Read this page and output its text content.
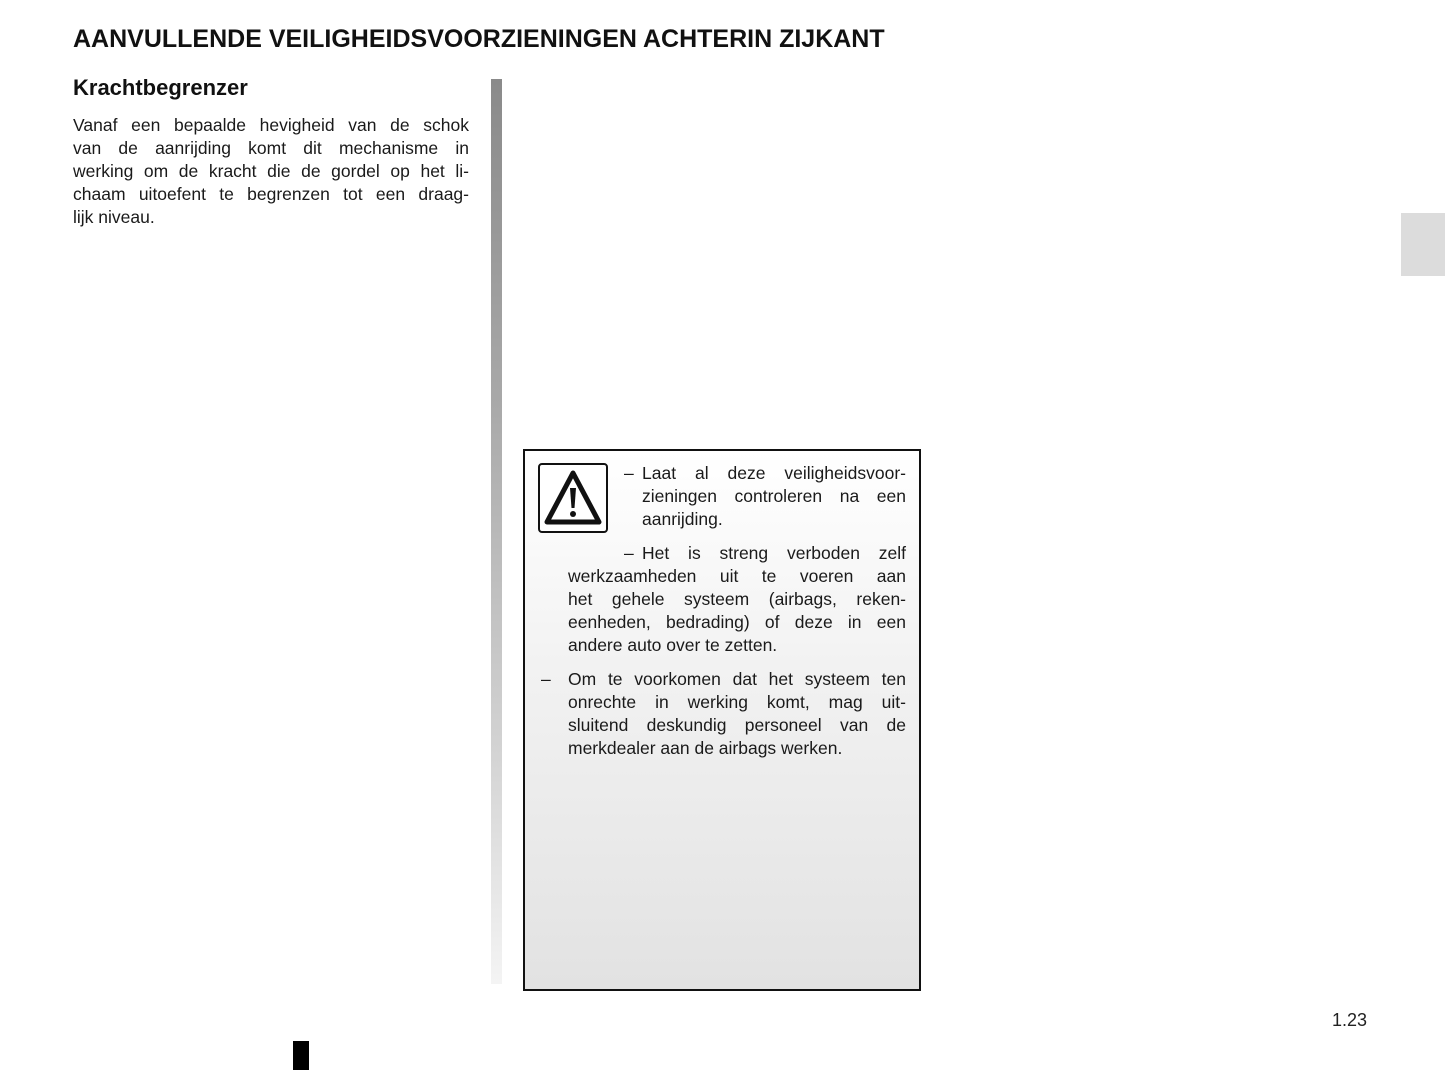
AANVULLENDE VEILIGHEIDSVOORZIENINGEN ACHTERIN ZIJKANT
Krachtbegrenzer
Vanaf een bepaalde hevigheid van de schok
van de aanrijding komt dit mechanisme in
werking om de kracht die de gordel op het li-
chaam uitoefent te begrenzen tot een draag-
lijk niveau.
– Laat al deze veiligheidsvoor-
zieningen controleren na een
aanrijding.
– Het is streng verboden zelf
werkzaamheden uit te voeren aan
het gehele systeem (airbags, reken-
eenheden, bedrading) of deze in een
andere auto over te zetten.
– Om te voorkomen dat het systeem ten
onrechte in werking komt, mag uit-
sluitend deskundig personeel van de
merkdealer aan de airbags werken.

1.23
